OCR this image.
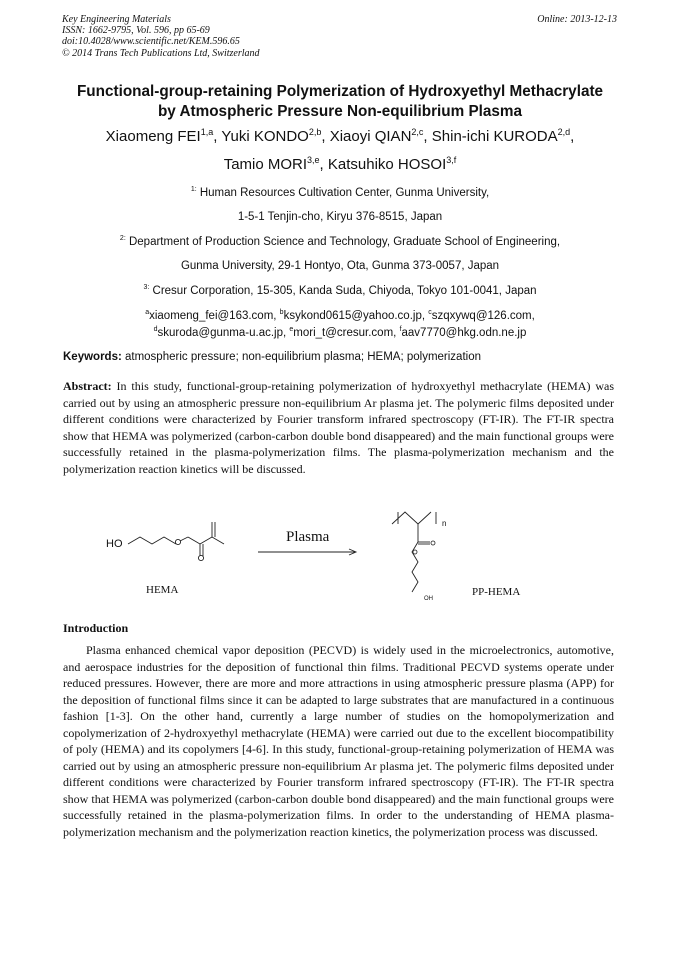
Key Engineering Materials
ISSN: 1662-9795, Vol. 596, pp 65-69
doi:10.4028/www.scientific.net/KEM.596.65
© 2014 Trans Tech Publications Ltd, Switzerland
Online: 2013-12-13
Functional-group-retaining Polymerization of Hydroxyethyl Methacrylate
by Atmospheric Pressure Non-equilibrium Plasma
Xiaomeng FEI$^{1,a}$, Yuki KONDO$^{2,b}$, Xiaoyi QIAN$^{2,c}$, Shin-ichi KURODA$^{2,d}$,
Tamio MORI$^{3,e}$, Katsuhiko HOSOI$^{3,f}$
$^{1:}$ Human Resources Cultivation Center, Gunma University,
1-5-1 Tenjin-cho, Kiryu 376-8515, Japan
$^{2:}$ Department of Production Science and Technology, Graduate School of Engineering,
Gunma University, 29-1 Hontyo, Ota, Gunma 373-0057, Japan
$^{3:}$ Cresur Corporation, 15-305, Kanda Suda, Chiyoda, Tokyo 101-0041, Japan
$^a$xiaomeng_fei@163.com, $^b$ksykond0615@yahoo.co.jp, $^c$szqxywq@126.com,
$^d$skuroda@gunma-u.ac.jp, $^e$mori_t@cresur.com, $^f$aav7770@hkg.odn.ne.jp
Keywords: atmospheric pressure; non-equilibrium plasma; HEMA; polymerization
Abstract: In this study, functional-group-retaining polymerization of hydroxyethyl methacrylate (HEMA) was carried out by using an atmospheric pressure non-equilibrium Ar plasma jet. The polymeric films deposited under different conditions were characterized by Fourier transform infrared spectroscopy (FT-IR). The FT-IR spectra show that HEMA was polymerized (carbon-carbon double bond disappeared) and the main functional groups were successfully retained in the plasma-polymerization films. The plasma-polymerization mechanism and the polymerization reaction kinetics will be discussed.
HO	Plasma
HEMA
n
OH
PP-HEMA
Introduction
Plasma enhanced chemical vapor deposition (PECVD) is widely used in the microelectronics, automotive, and aerospace industries for the deposition of functional thin films. Traditional PECVD systems operate under reduced pressures. However, there are more and more attractions in using atmospheric pressure plasma (APP) for the deposition of functional films since it can be adapted to large substrates that are manufactured in a continuous fashion [1-3]. On the other hand, currently a large number of studies on the homopolymerization and copolymerization of 2-hydroxyethyl methacrylate (HEMA) were carried out due to the excellent biocompatibility of poly (HEMA) and its copolymers [4-6]. In this study, functional-group-retaining polymerization of HEMA was carried out by using an atmospheric pressure non-equilibrium Ar plasma jet. The polymeric films deposited under different conditions were characterized by Fourier transform infrared spectroscopy (FT-IR). The FT-IR spectra show that HEMA was polymerized (carbon-carbon double bond disappeared) and the main functional groups were successfully retained in the plasma-polymerization films. In order to the understanding of HEMA plasma-polymerization mechanism and the polymerization reaction kinetics, the polymerization process was discussed.
